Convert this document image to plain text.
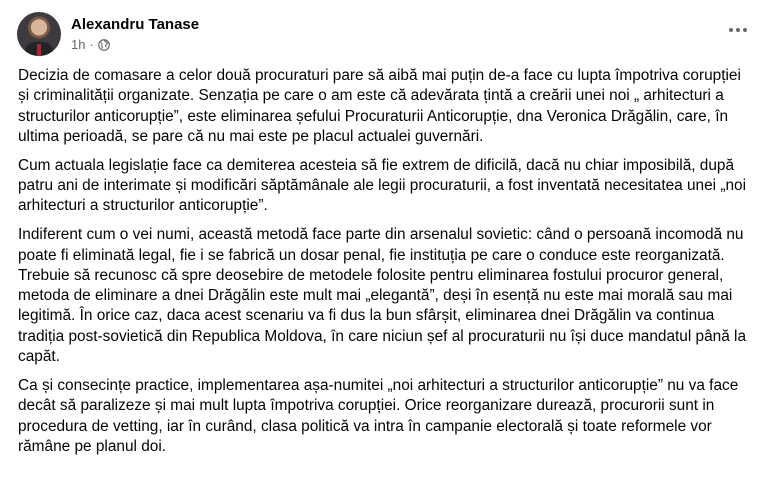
Alexandru Tanase
1h ·

Decizia de comasare a celor două procuraturi pare să aibă mai puțin de-a face cu lupta împotriva corupției și criminalității organizate. Senzația pe care o am este că adevărata țintă a creării unei noi „ arhitecturi a structurilor anticorupție”, este eliminarea șefului Procuraturii Anticorupție, dna Veronica Drăgălin, care, în ultima perioadă, se pare că nu mai este pe placul actualei guvernări.

Cum actuala legislație face ca demiterea acesteia să fie extrem de dificilă, dacă nu chiar imposibilă, după patru ani de interimate și modificări săptămânale ale legii procuraturii, a fost inventată necesitatea unei „noi arhitecturi a structurilor anticorupție”.

Indiferent cum o vei numi, această metodă face parte din arsenalul sovietic: când o persoană incomodă nu poate fi eliminată legal, fie i se fabrică un dosar penal, fie instituția pe care o conduce este reorganizată. Trebuie să recunosc că spre deosebire de metodele folosite pentru eliminarea fostului procuror general, metoda de eliminare a dnei Drăgălin este mult mai „elegantă”, deși în esență nu este mai morală sau mai legitimă. În orice caz, daca acest scenariu va fi dus la bun sfârșit, eliminarea dnei Drăgălin va continua tradiția post-sovietică din Republica Moldova, în care niciun șef al procuraturii nu își duce mandatul până la capăt.

Ca și consecințe practice, implementarea așa-numitei „noi arhitecturi a structurilor anticorupție” nu va face decât să paralizeze și mai mult lupta împotriva corupției. Orice reorganizare durează, procurorii sunt in procedura de vetting, iar în curând, clasa politică va intra în campanie electorală și toate reformele vor rămâne pe planul doi.
